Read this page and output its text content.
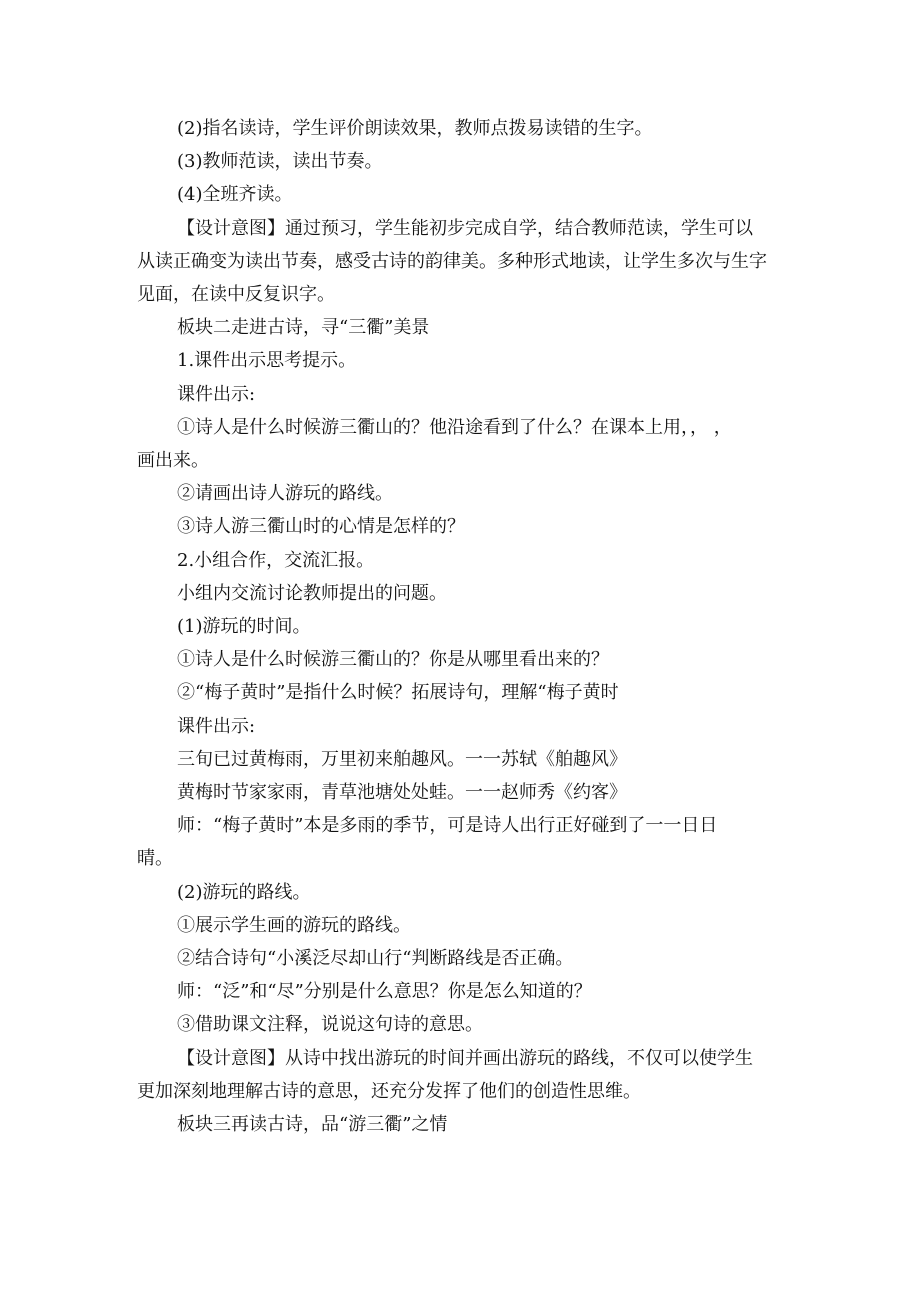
(2)指名读诗，学生评价朗读效果，教师点拨易读错的生字。

(3)教师范读，读出节奏。

(4)全班齐读。

【设计意图】通过预习，学生能初步完成自学，结合教师范读，学生可以

从读正确变为读出节奏，感受古诗的韵律美。多种形式地读，让学生多次与生字

见面，在读中反复识字。

板块二走进古诗，寻“三衢”美景

1.课件出示思考提示。

课件出示:

①诗人是什么时候游三衢山的？他沿途看到了什么？在课本上用，， ，

画出来。

②请画出诗人游玩的路线。

③诗人游三衢山时的心情是怎样的？

2.小组合作，交流汇报。

小组内交流讨论教师提出的问题。

(1)游玩的时间。

①诗人是什么时候游三衢山的？你是从哪里看出来的？

②“梅子黄时”是指什么时候？拓展诗句，理解“梅子黄时

课件出示:

三旬已过黄梅雨，万里初来舶趣风。一一苏轼《舶趣风》

黄梅时节家家雨，青草池塘处处蛙。一一赵师秀《约客》

师：“梅子黄时”本是多雨的季节，可是诗人出行正好碰到了一一日日

晴。

(2)游玩的路线。

①展示学生画的游玩的路线。

②结合诗句“小溪泛尽却山行“判断路线是否正确。

师：“泛”和“尽”分别是什么意思？你是怎么知道的？

③借助课文注释，说说这句诗的意思。

【设计意图】从诗中找出游玩的时间并画出游玩的路线，不仅可以使学生

更加深刻地理解古诗的意思，还充分发挥了他们的创造性思维。

板块三再读古诗，品“游三衢”之情
